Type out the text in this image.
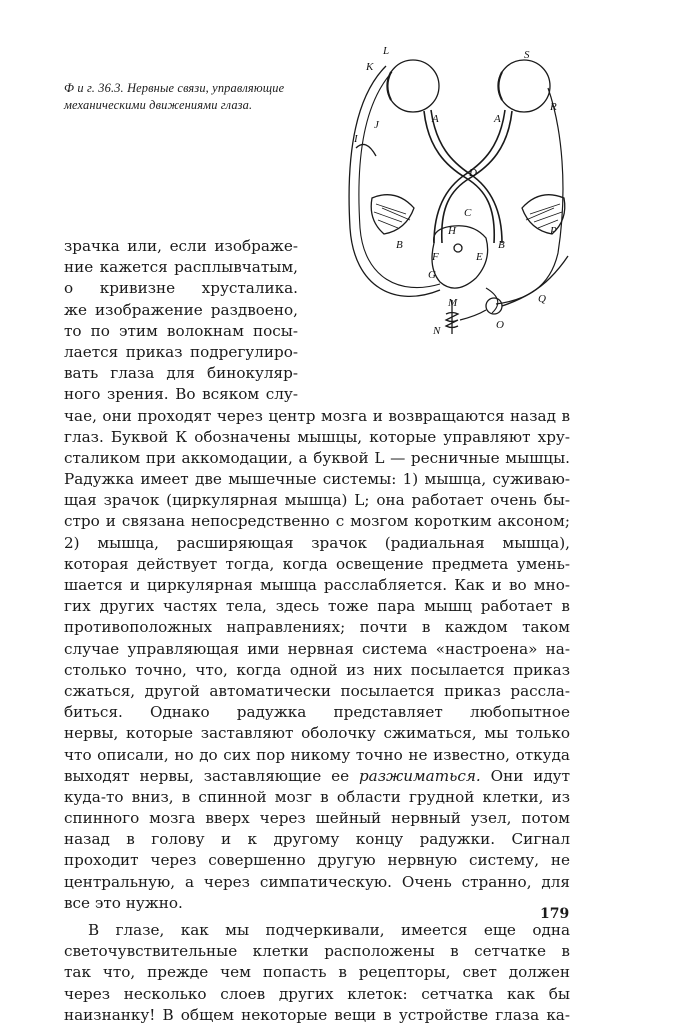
Ф и г. 36.3. Нервные связи, управляющие механическими движениями глаза.
L
K
S
J	A	A
R
I
D
C
H
B	B
F
G
E
P
M
N	O
Q
зрачка или, если изображе-
ние кажется расплывчатым,
о кривизне хрусталика.
же изображение раздвоено,
то по этим волокнам посы-
лается приказ подрегулиро-
вать глаза для бинокуляр-
ного зрения. Во всяком слу-
чае, они проходят через центр мозга и возвращаются назад в
глаз. Буквой К обозначены мышцы, которые управляют хру-
сталиком при аккомодации, а буквой L — ресничные мышцы.
Радужка имеет две мышечные системы: 1) мышца, суживаю-
щая зрачок (циркулярная мышца) L; она работает очень бы-
стро и связана непосредственно с мозгом коротким аксоном;
2) мышца, расширяющая зрачок (радиальная мышца),
которая действует тогда, когда освещение предмета умень-
шается и циркулярная мышца расслабляется. Как и во мно-
гих других частях тела, здесь тоже пара мышц работает в
противоположных направлениях; почти в каждом таком
случае управляющая ими нервная система «настроена» на-
столько точно, что, когда одной из них посылается приказ
сжаться, другой автоматически посылается приказ рассла-
биться. Однако радужка представляет любопытное
нервы, которые заставляют оболочку сжиматься, мы только
что описали, но до сих пор никому точно не известно, откуда
выходят нервы, заставляющие ее разжиматься. Они идут
куда-то вниз, в спинной мозг в области грудной клетки, из
спинного мозга вверх через шейный нервный узел, потом
назад в голову и к другому концу радужки. Сигнал
проходит через совершенно другую нервную систему, не
центральную, а через симпатическую. Очень странно, для
все это нужно.
В глазе, как мы подчеркивали, имеется еще одна
светочувствительные клетки расположены в сетчатке в
так что, прежде чем попасть в рецепторы, свет должен
через несколько слоев других клеток: сетчатка как бы
наизнанку! В общем некоторые вещи в устройстве глаза ка-
179
